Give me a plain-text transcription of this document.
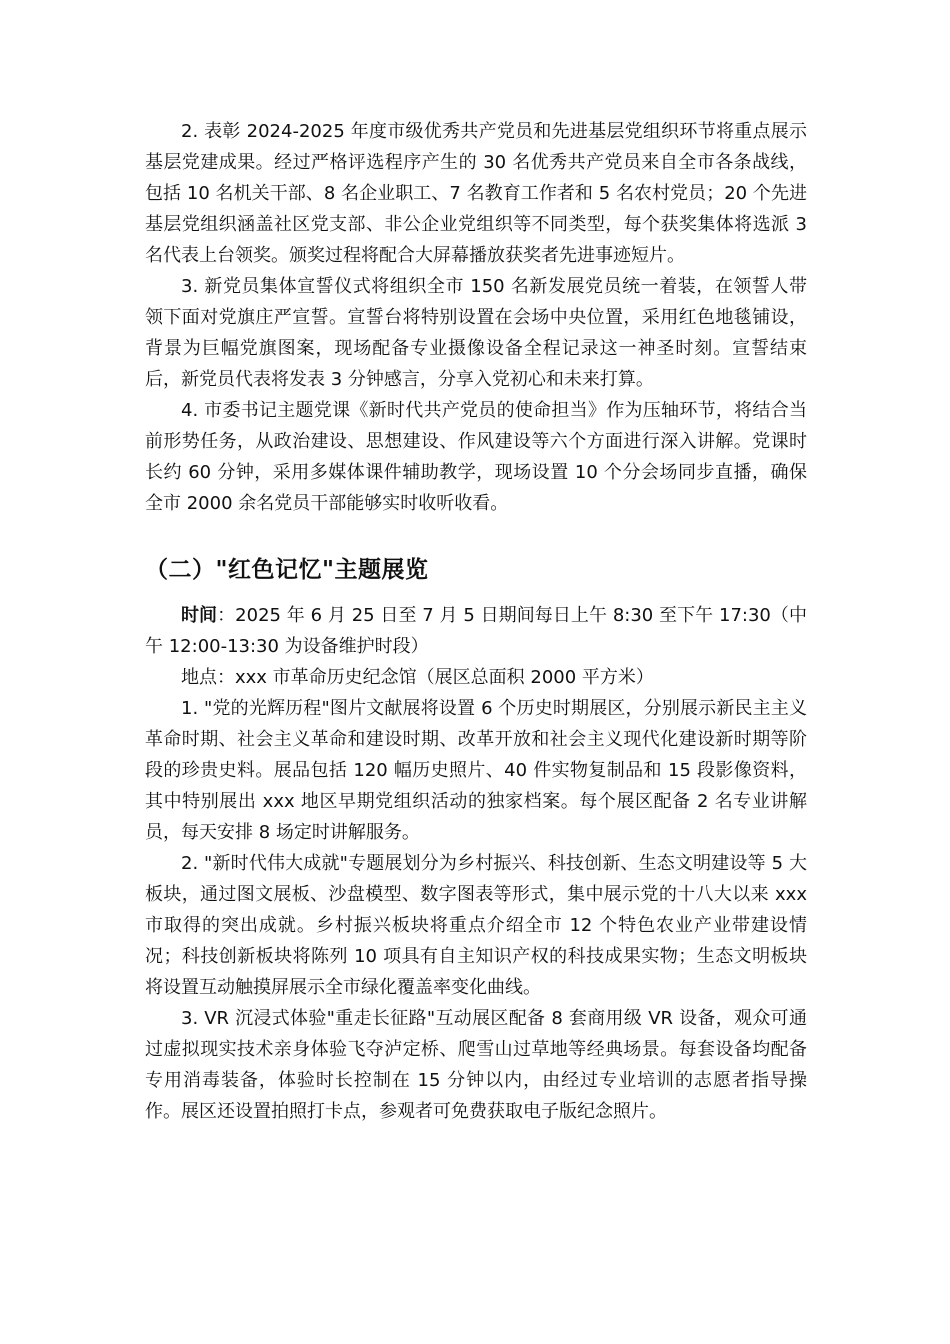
2. 表彰 2024-2025 年度市级优秀共产党员和先进基层党组织环节将重点展示基层党建成果。经过严格评选程序产生的 30 名优秀共产党员来自全市各条战线，包括 10 名机关干部、8 名企业职工、7 名教育工作者和 5 名农村党员；20 个先进基层党组织涵盖社区党支部、非公企业党组织等不同类型，每个获奖集体将选派 3 名代表上台领奖。颁奖过程将配合大屏幕播放获奖者先进事迹短片。

3. 新党员集体宣誓仪式将组织全市 150 名新发展党员统一着装，在领誓人带领下面对党旗庄严宣誓。宣誓台将特别设置在会场中央位置，采用红色地毯铺设，背景为巨幅党旗图案，现场配备专业摄像设备全程记录这一神圣时刻。宣誓结束后，新党员代表将发表 3 分钟感言，分享入党初心和未来打算。

4. 市委书记主题党课《新时代共产党员的使命担当》作为压轴环节，将结合当前形势任务，从政治建设、思想建设、作风建设等六个方面进行深入讲解。党课时长约 60 分钟，采用多媒体课件辅助教学，现场设置 10 个分会场同步直播，确保全市 2000 余名党员干部能够实时收听收看。

（二）"红色记忆"主题展览

时间：2025 年 6 月 25 日至 7 月 5 日期间每日上午 8:30 至下午 17:30（中午 12:00-13:30 为设备维护时段）

地点：xxx 市革命历史纪念馆（展区总面积 2000 平方米）

1. "党的光辉历程"图片文献展将设置 6 个历史时期展区，分别展示新民主主义革命时期、社会主义革命和建设时期、改革开放和社会主义现代化建设新时期等阶段的珍贵史料。展品包括 120 幅历史照片、40 件实物复制品和 15 段影像资料，其中特别展出 xxx 地区早期党组织活动的独家档案。每个展区配备 2 名专业讲解员，每天安排 8 场定时讲解服务。

2. "新时代伟大成就"专题展划分为乡村振兴、科技创新、生态文明建设等 5 大板块，通过图文展板、沙盘模型、数字图表等形式，集中展示党的十八大以来 xxx 市取得的突出成就。乡村振兴板块将重点介绍全市 12 个特色农业产业带建设情况；科技创新板块将陈列 10 项具有自主知识产权的科技成果实物；生态文明板块将设置互动触摸屏展示全市绿化覆盖率变化曲线。

3. VR 沉浸式体验"重走长征路"互动展区配备 8 套商用级 VR 设备，观众可通过虚拟现实技术亲身体验飞夺泸定桥、爬雪山过草地等经典场景。每套设备均配备专用消毒装备，体验时长控制在 15 分钟以内，由经过专业培训的志愿者指导操作。展区还设置拍照打卡点，参观者可免费获取电子版纪念照片。
